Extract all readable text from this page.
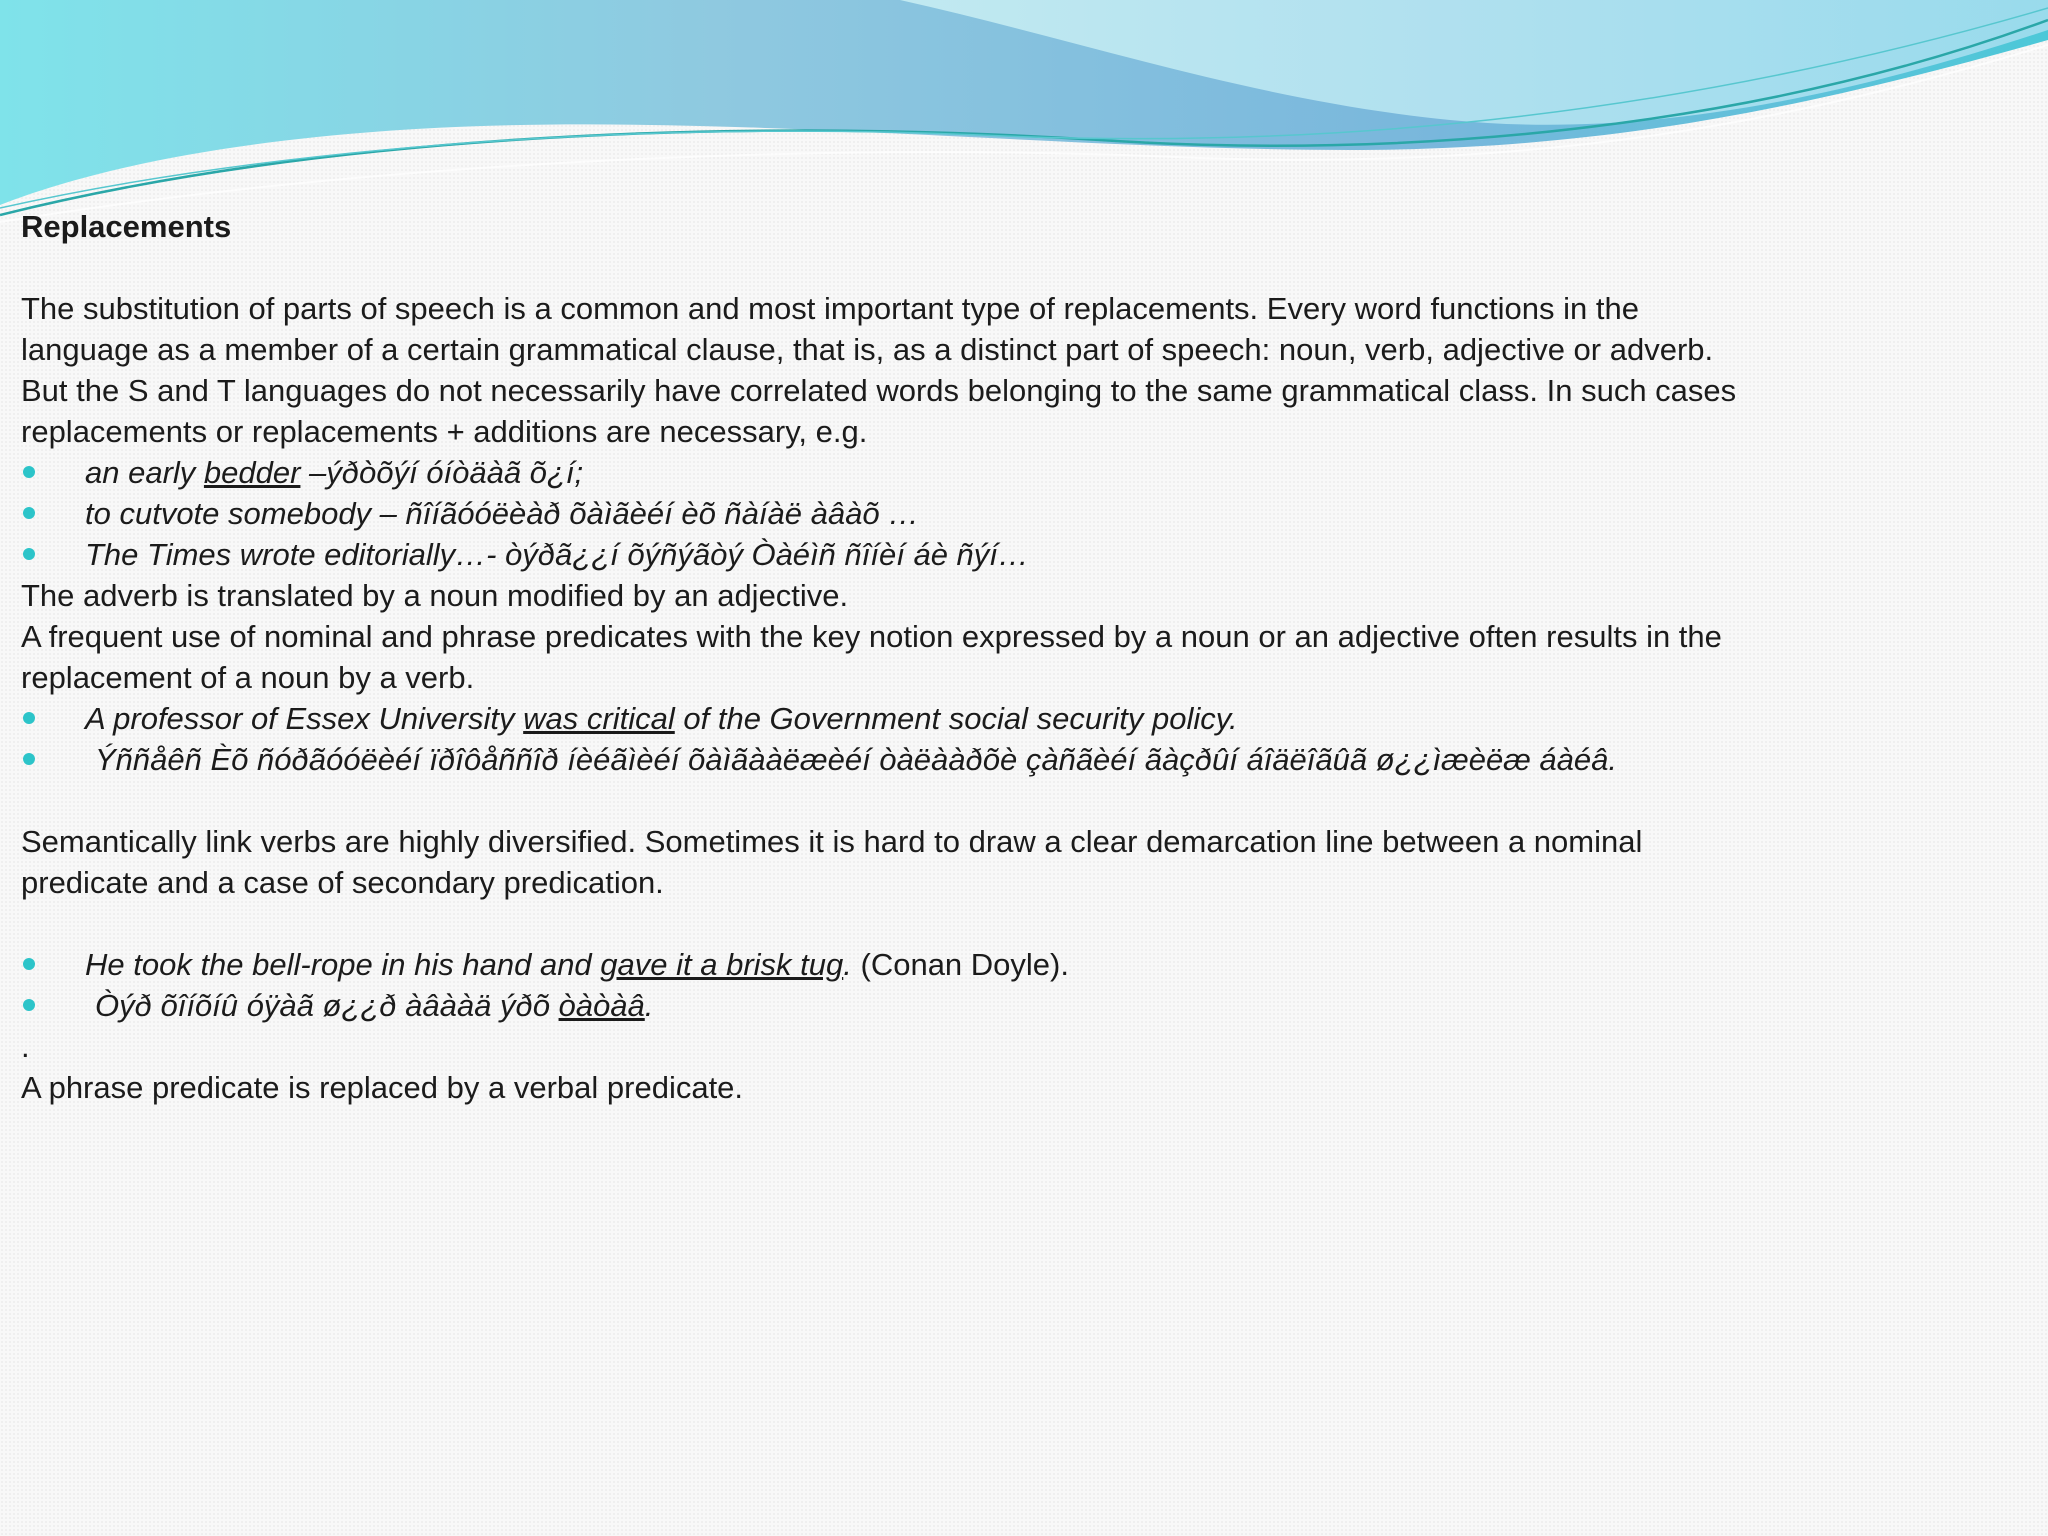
Replacements

The substitution of parts of speech is a common and most important type of replacements. Every word functions in the language as a member of a certain grammatical clause, that is, as a distinct part of speech: noun, verb, adjective or adverb. But the S and T languages do not necessarily have correlated words belonging to the same grammatical class. In such cases replacements or replacements + additions are necessary, e.g.

an early bedder –ýðòõýí óíòäàã õ¿í;
to cutvote somebody – ñîíãóóëèàð õàìãèéí èõ ñàíàë àâàõ …
The Times wrote editorially…- òýðã¿¿í õýñýãòý Òàéìñ ñîíèí áè ñýí…

The adverb is translated by a noun modified by an adjective.

A frequent use of nominal and phrase predicates with the key notion expressed by a noun or an adjective often results in the replacement of a noun by a verb.

A professor of Essex University was critical of the Government social security policy.
Ýññåêñ Èõ ñóðãóóëèéí ïðîôåññîð íèéãìèéí õàìãààëæèéí òàëààðõè çàñãèéí ãàçðûí áîäëîãûã ø¿¿ìæèëæ áàéâ.

Semantically link verbs are highly diversified. Sometimes it is hard to draw a clear demarcation line between a nominal predicate and a case of secondary predication.

He took the bell-rope in his hand and gave it a brisk tug. (Conan Doyle).
Òýð õîíõíû óÿàã ø¿¿ð àâààä ýðõ òàòàâ.

.

A phrase predicate is replaced by a verbal predicate.
